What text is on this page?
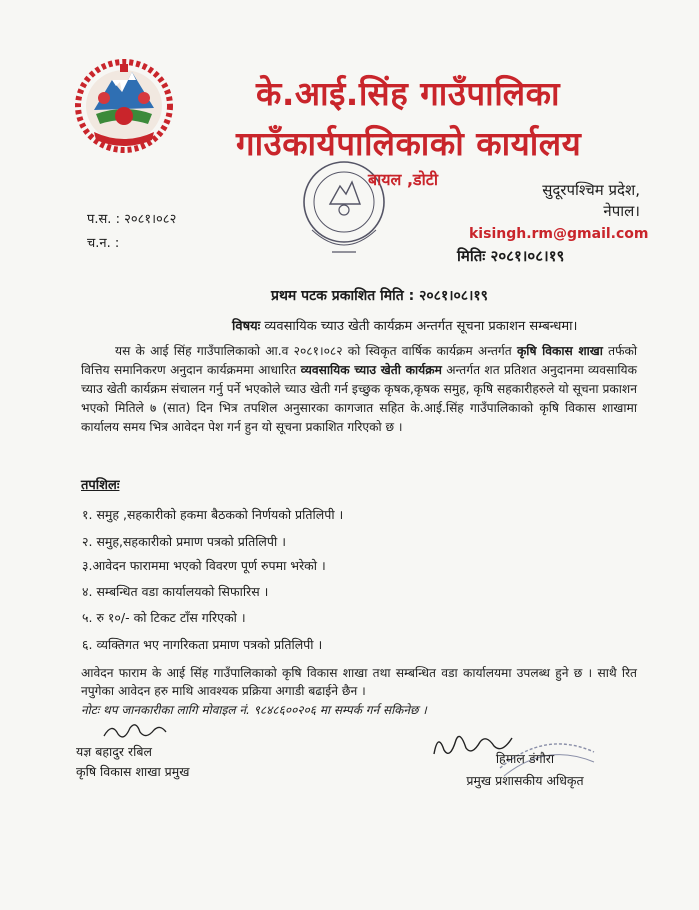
के.आई.सिंह गाउँपालिका
गाउँकार्यपालिकाको कार्यालय
बायल ,डोटी
सुदूरपश्चिम प्रदेश,
नेपाल।
kisingh.rm@gmail.com
मितिः २०८१।०८।१९
प.स. : २०८१।०८२
च.न. :
प्रथम पटक प्रकाशित मिति : २०८१।०८।१९
विषयः व्यवसायिक च्याउ खेती कार्यक्रम अन्तर्गत सूचना प्रकाशन सम्बन्धमा।
यस के आई सिंह गाउँपालिकाको आ.व २०८१।०८२ को स्विकृत वार्षिक कार्यक्रम अन्तर्गत कृषि विकास शाखा तर्फको वित्तिय समानिकरण अनुदान कार्यक्रममा आधारित व्यवसायिक च्याउ खेती कार्यक्रम अन्तर्गत शत प्रतिशत अनुदानमा व्यवसायिक च्याउ खेती कार्यक्रम संचालन गर्नु पर्ने भएकोले च्याउ खेती गर्न इच्छुक कृषक,कृषक समुह, कृषि सहकारीहरुले यो सूचना प्रकाशन भएको मितिले ७ (सात) दिन भित्र तपशिल अनुसारका कागजात सहित के.आई.सिंह गाउँपालिकाको कृषि विकास शाखामा कार्यालय समय भित्र आवेदन पेश गर्न हुन यो सूचना प्रकाशित गरिएको छ ।
तपशिलः
१. समुह ,सहकारीको हकमा बैठकको निर्णयको प्रतिलिपी ।
२. समुह,सहकारीको प्रमाण पत्रको प्रतिलिपी ।
३.आवेदन फाराममा भएको विवरण पूर्ण रुपमा भरेको ।
४. सम्बन्धित वडा कार्यालयको सिफारिस ।
५. रु १०/- को टिकट टाँस गरिएको ।
६. व्यक्तिगत भए नागरिकता प्रमाण पत्रको प्रतिलिपी ।
आवेदन फाराम के आई सिंह गाउँपालिकाको कृषि विकास शाखा तथा सम्बन्धित वडा कार्यालयमा उपलब्ध हुने छ । साथै रित नपुगेका आवेदन हरु माथि आवश्यक प्रक्रिया अगाडी बढाईने छैन ।
नोटः थप जानकारीका लागि मोवाइल नं. ९८४८६००२०६ मा सम्पर्क गर्न सकिनेछ ।
यज्ञ बहादुर रबिल
कृषि विकास शाखा प्रमुख
हिमाल डंगौरा
प्रमुख प्रशासकीय अधिकृत
